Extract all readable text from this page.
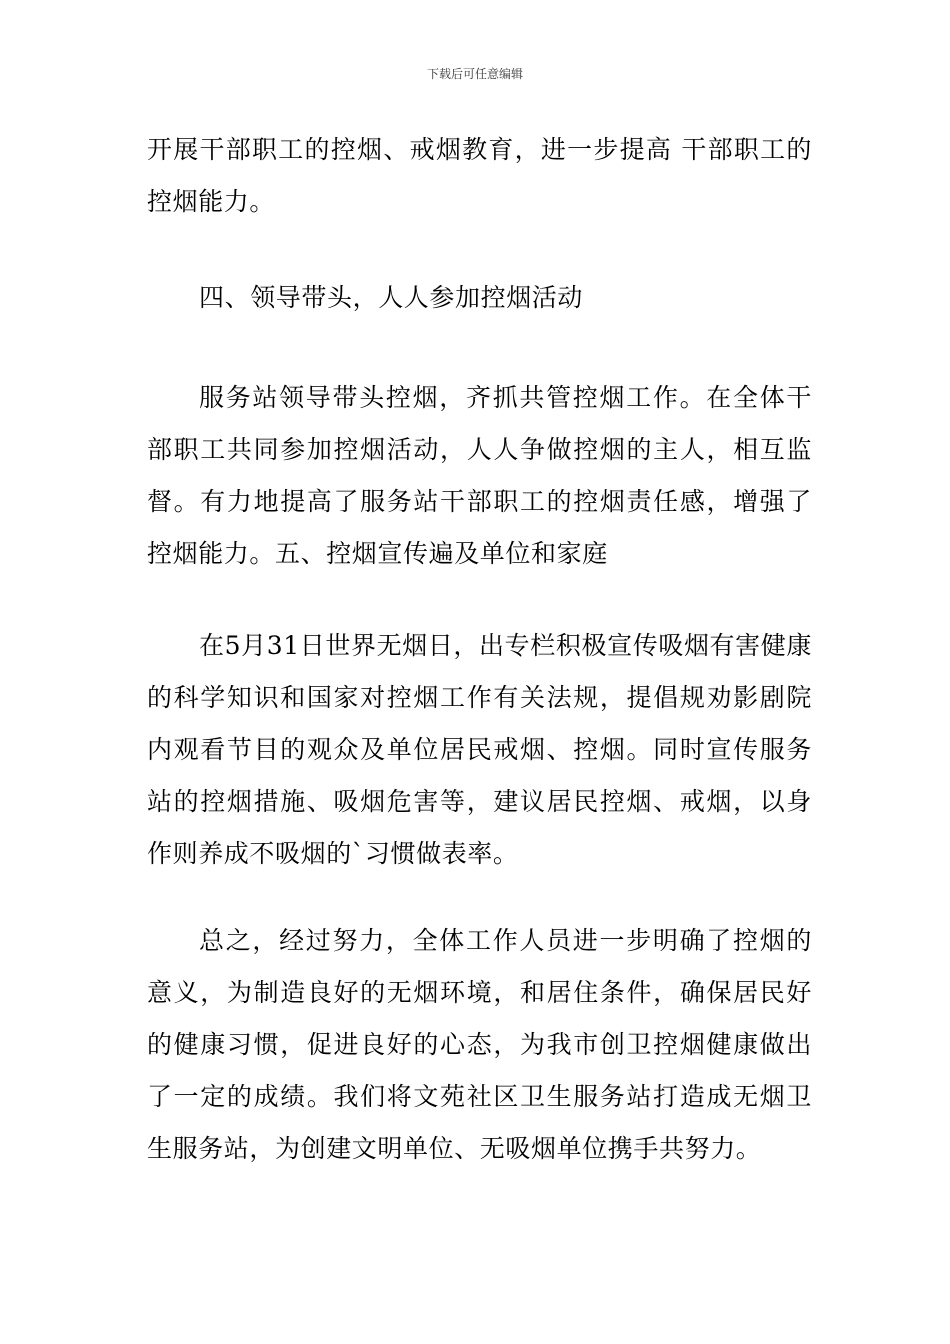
下载后可任意编辑

开展干部职工的控烟、戒烟教育，进一步提高 干部职工的控烟能力。

四、领导带头，人人参加控烟活动

服务站领导带头控烟，齐抓共管控烟工作。在全体干部职工共同参加控烟活动，人人争做控烟的主人，相互监督。有力地提高了服务站干部职工的控烟责任感，增强了控烟能力。五、控烟宣传遍及单位和家庭

在5月31日世界无烟日，出专栏积极宣传吸烟有害健康的科学知识和国家对控烟工作有关法规，提倡规劝影剧院内观看节目的观众及单位居民戒烟、控烟。同时宣传服务站的控烟措施、吸烟危害等，建议居民控烟、戒烟，以身作则养成不吸烟的`习惯做表率。

总之，经过努力，全体工作人员进一步明确了控烟的意义，为制造良好的无烟环境，和居住条件，确保居民好的健康习惯，促进良好的心态，为我市创卫控烟健康做出了一定的成绩。我们将文苑社区卫生服务站打造成无烟卫生服务站，为创建文明单位、无吸烟单位携手共努力。
